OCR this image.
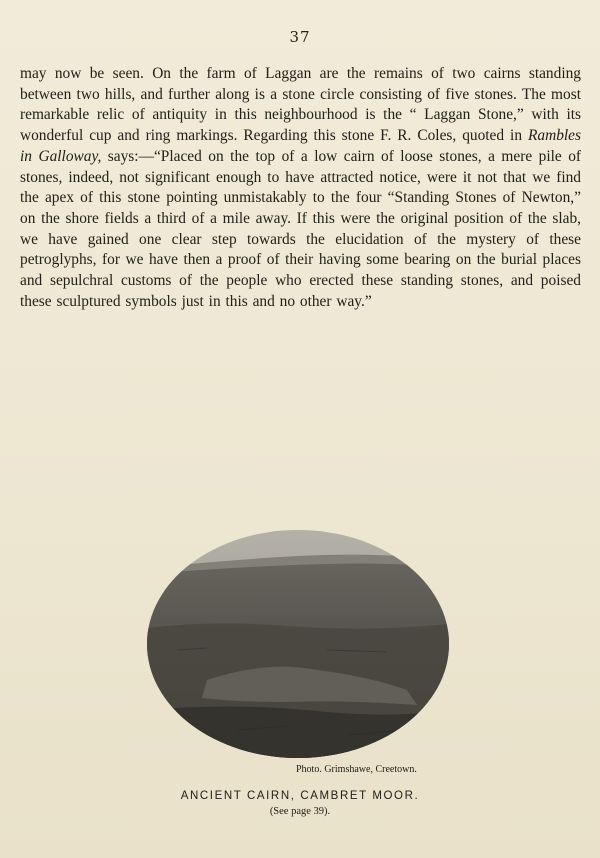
37

may now be seen. On the farm of Laggan are the remains of two cairns standing between two hills, and further along is a stone circle consisting of five stones. The most remarkable relic of antiquity in this neighbourhood is the “ Laggan Stone,” with its wonderful cup and ring markings. Regarding this stone F. R. Coles, quoted in Rambles in Galloway, says:—“Placed on the top of a low cairn of loose stones, a mere pile of stones, indeed, not significant enough to have attracted notice, were it not that we find the apex of this stone pointing unmistakably to the four “Standing Stones of Newton,” on the shore fields a third of a mile away. If this were the original position of the slab, we have gained one clear step towards the elucidation of the mystery of these petroglyphs, for we have then a proof of their having some bearing on the burial places and sepulchral customs of the people who erected these standing stones, and poised these sculptured symbols just in this and no other way.”

Photo. Grimshawe, Creetown.
ANCIENT CAIRN, CAMBRET MOOR.
(See page 39).
